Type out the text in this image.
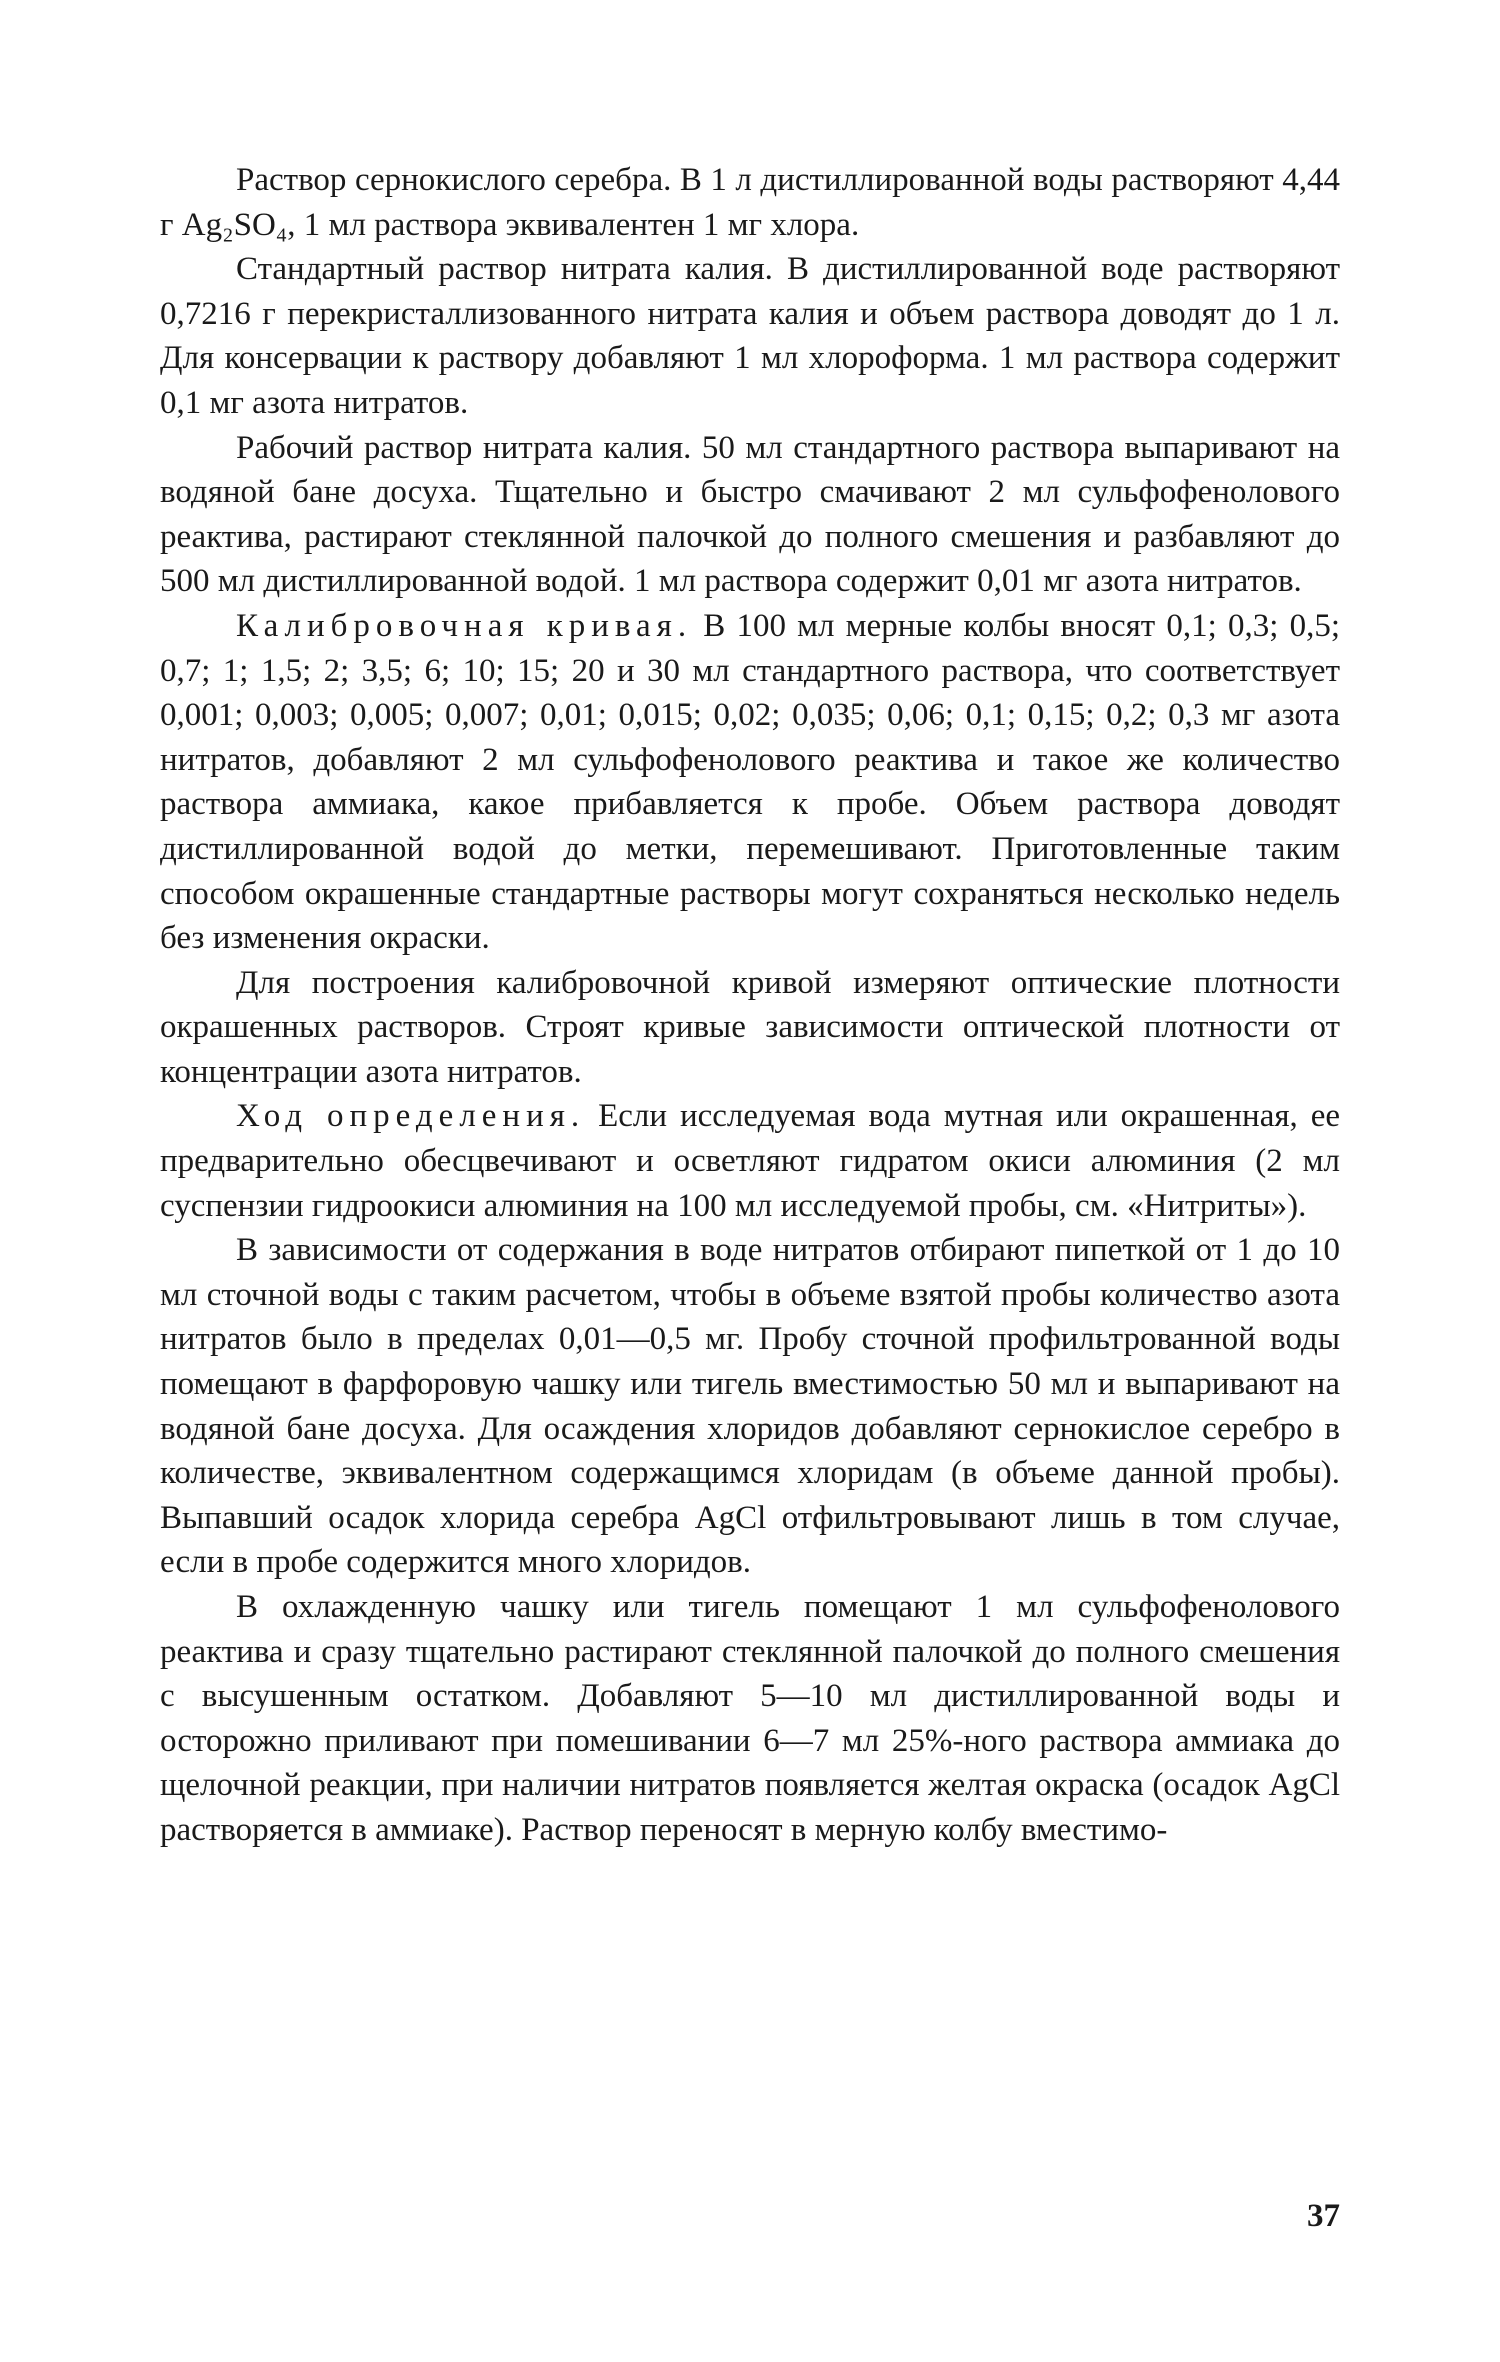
Раствор сернокислого серебра. В 1 л дистиллированной воды растворяют 4,44 г Ag₂SO₄, 1 мл раствора эквивалентен 1 мг хлора.

Стандартный раствор нитрата калия. В дистиллированной воде растворяют 0,7216 г перекристаллизованного нитрата калия и объем раствора доводят до 1 л. Для консервации к раствору добавляют 1 мл хлороформа. 1 мл раствора содержит 0,1 мг азота нитратов.

Рабочий раствор нитрата калия. 50 мл стандартного раствора выпаривают на водяной бане досуха. Тщательно и быстро смачивают 2 мл сульфофенолового реактива, растирают стеклянной палочкой до полного смешения и разбавляют до 500 мл дистиллированной водой. 1 мл раствора содержит 0,01 мг азота нитратов.

Калибровочная кривая. В 100 мл мерные колбы вносят 0,1; 0,3; 0,5; 0,7; 1; 1,5; 2; 3,5; 6; 10; 15; 20 и 30 мл стандартного раствора, что соответствует 0,001; 0,003; 0,005; 0,007; 0,01; 0,015; 0,02; 0,035; 0,06; 0,1; 0,15; 0,2; 0,3 мг азота нитратов, добавляют 2 мл сульфофенолового реактива и такое же количество раствора аммиака, какое прибавляется к пробе. Объем раствора доводят дистиллированной водой до метки, перемешивают. Приготовленные таким способом окрашенные стандартные растворы могут сохраняться несколько недель без изменения окраски.

Для построения калибровочной кривой измеряют оптические плотности окрашенных растворов. Строят кривые зависимости оптической плотности от концентрации азота нитратов.

Ход определения. Если исследуемая вода мутная или окрашенная, ее предварительно обесцвечивают и осветляют гидратом окиси алюминия (2 мл суспензии гидроокиси алюминия на 100 мл исследуемой пробы, см. «Нитриты»).

В зависимости от содержания в воде нитратов отбирают пипеткой от 1 до 10 мл сточной воды с таким расчетом, чтобы в объеме взятой пробы количество азота нитратов было в пределах 0,01—0,5 мг. Пробу сточной профильтрованной воды помещают в фарфоровую чашку или тигель вместимостью 50 мл и выпаривают на водяной бане досуха. Для осаждения хлоридов добавляют сернокислое серебро в количестве, эквивалентном содержащимся хлоридам (в объеме данной пробы). Выпавший осадок хлорида серебра AgCl отфильтровывают лишь в том случае, если в пробе содержится много хлоридов.

В охлажденную чашку или тигель помещают 1 мл сульфофенолового реактива и сразу тщательно растирают стеклянной палочкой до полного смешения с высушенным остатком. Добавляют 5—10 мл дистиллированной воды и осторожно приливают при помешивании 6—7 мл 25%-ного раствора аммиака до щелочной реакции, при наличии нитратов появляется желтая окраска (осадок AgCl растворяется в аммиаке). Раствор переносят в мерную колбу вместимо-

37
